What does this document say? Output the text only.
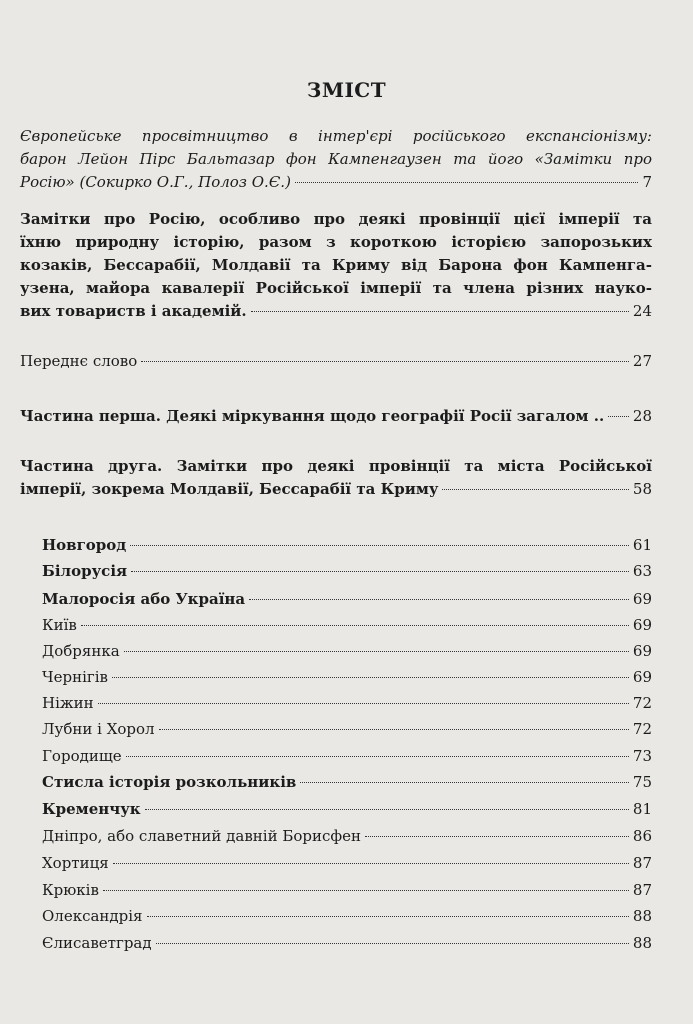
ЗМІСТ
Європейське просвітництво в інтер'єрі російського експансіонізму:
барон Лейон Пірс Бальтазар фон Кампенгаузен та його «Замітки про
Росію» (Сокирко О.Г., Полоз О.Є.)	7
Замітки про Росію, особливо про деякі провінції цієї імперії та
їхню природну історію, разом з короткою історією запорозьких
козаків, Бессарабії, Молдавії та Криму від Барона фон Кампенга-
узена, майора кавалерії Російської імперії та члена різних науко-
вих товариств і академій.	24
Переднє слово	27
Частина перша. Деякі міркування щодо географії Росії загалом .. 28
Частина друга. Замітки про деякі провінції та міста Російської
імперії, зокрема Молдавії, Бессарабії та Криму	58
Новгород	61
Білорусія	63
Малоросія або Україна	69
Київ	69
Добрянка	69
Чернігів	69
Ніжин	72
Лубни і Хорол	72
Городище	73
Стисла історія розкольників	75
Кременчук	81
Дніпро, або славетний давній Борисфен	86
Хортиця	87
Крюків	87
Олександрія	88
Єлисаветград	88
